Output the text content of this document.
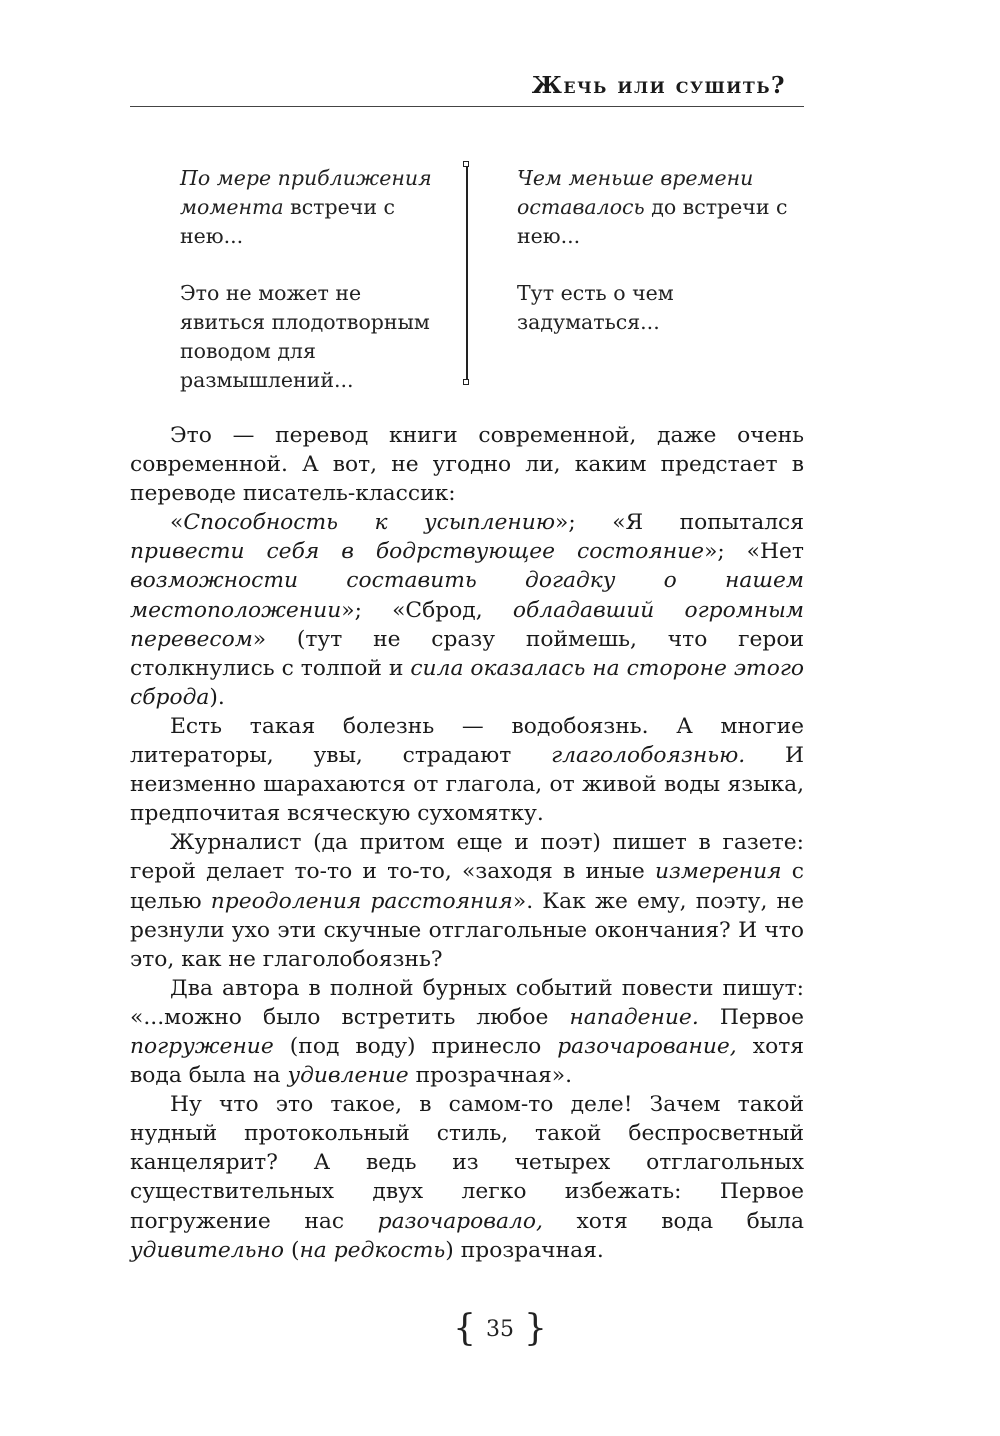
Жечь или сушить?

По мере приближения момента встречи с нею...

Это не может не явиться плодотворным поводом для размышлений...

Чем меньше времени оставалось до встречи с нею...

Тут есть о чем задуматься...

Это — перевод книги современной, даже очень современной. А вот, не угодно ли, каким предстает в переводе писатель-классик:

«Способность к усыплению»; «Я попытался привести себя в бодрствующее состояние»; «Нет возможности составить догадку о нашем местоположении»; «Сброд, обладавший огромным перевесом» (тут не сразу поймешь, что герои столкнулись с толпой и сила оказалась на стороне этого сброда).

Есть такая болезнь — водобоязнь. А многие литераторы, увы, страдают глаголобоязнью. И неизменно шарахаются от глагола, от живой воды языка, предпочитая всяческую сухомятку.

Журналист (да притом еще и поэт) пишет в газете: герой делает то-то и то-то, «заходя в иные измерения с целью преодоления расстояния». Как же ему, поэту, не резнули ухо эти скучные отглагольные окончания? И что это, как не глаголобоязнь?

Два автора в полной бурных событий повести пишут: «...можно было встретить любое нападение. Первое погружение (под воду) принесло разочарование, хотя вода была на удивление прозрачная».

Ну что это такое, в самом-то деле! Зачем такой нудный протокольный стиль, такой беспросветный канцелярит? А ведь из четырех отглагольных существительных двух легко избежать: Первое погружение нас разочаровало, хотя вода была удивительно (на редкость) прозрачная.

{ 35 }
